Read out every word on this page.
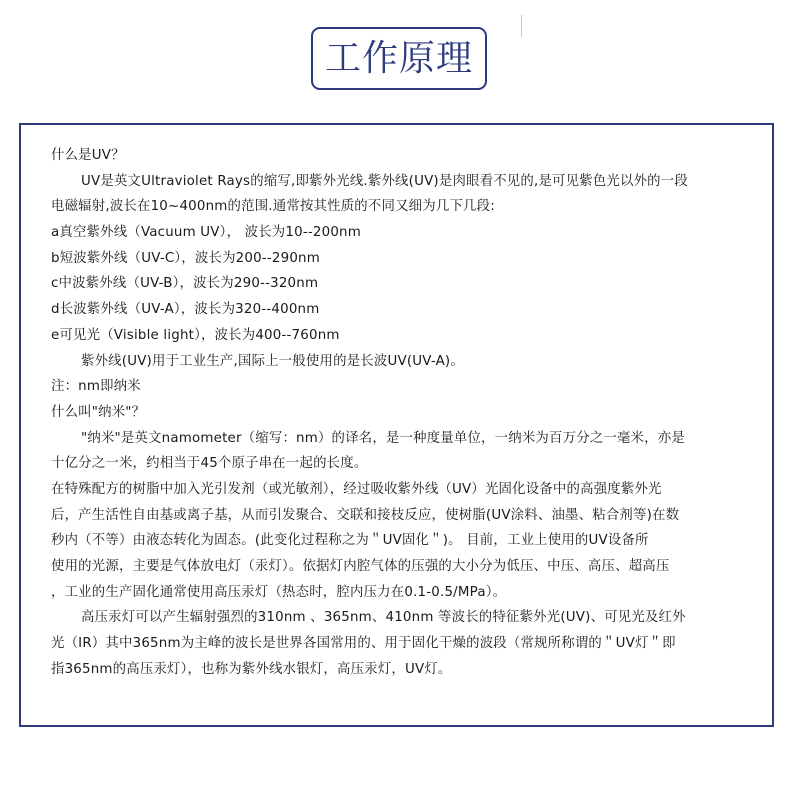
工作原理
什么是UV？
UV是英文Ultraviolet Rays的缩写,即紫外光线.紫外线(UV)是肉眼看不见的,是可见紫色光以外的一段
电磁辐射,波长在10~400nm的范围.通常按其性质的不同又细为几下几段:
a真空紫外线（Vacuum UV）， 波长为10--200nm
b短波紫外线（UV-C），波长为200--290nm
c中波紫外线（UV-B），波长为290--320nm
d长波紫外线（UV-A），波长为320--400nm
e可见光（Visible light），波长为400--760nm
紫外线(UV)用于工业生产,国际上一般使用的是长波UV(UV-A)。
注：nm即纳米
什么叫"纳米"？
"纳米"是英文namometer（缩写：nm）的译名，是一种度量单位，一纳米为百万分之一毫米，亦是
十亿分之一米，约相当于45个原子串在一起的长度。
在特殊配方的树脂中加入光引发剂（或光敏剂），经过吸收紫外线（UV）光固化设备中的高强度紫外光
后，产生活性自由基或离子基，从而引发聚合、交联和接枝反应，使树脂(UV涂料、油墨、粘合剂等)在数
秒内（不等）由液态转化为固态。(此变化过程称之为＂UV固化＂)。 目前，工业上使用的UV设备所
使用的光源，主要是气体放电灯（汞灯）。依据灯内腔气体的压强的大小分为低压、中压、高压、超高压
，工业的生产固化通常使用高压汞灯（热态时，腔内压力在0.1-0.5/MPa）。
高压汞灯可以产生辐射强烈的310nm 、365nm、410nm 等波长的特征紫外光(UV)、可见光及红外
光（IR）其中365nm为主峰的波长是世界各国常用的、用于固化干燥的波段（常规所称谓的＂UV灯＂即
指365nm的高压汞灯），也称为紫外线水银灯，高压汞灯，UV灯。
